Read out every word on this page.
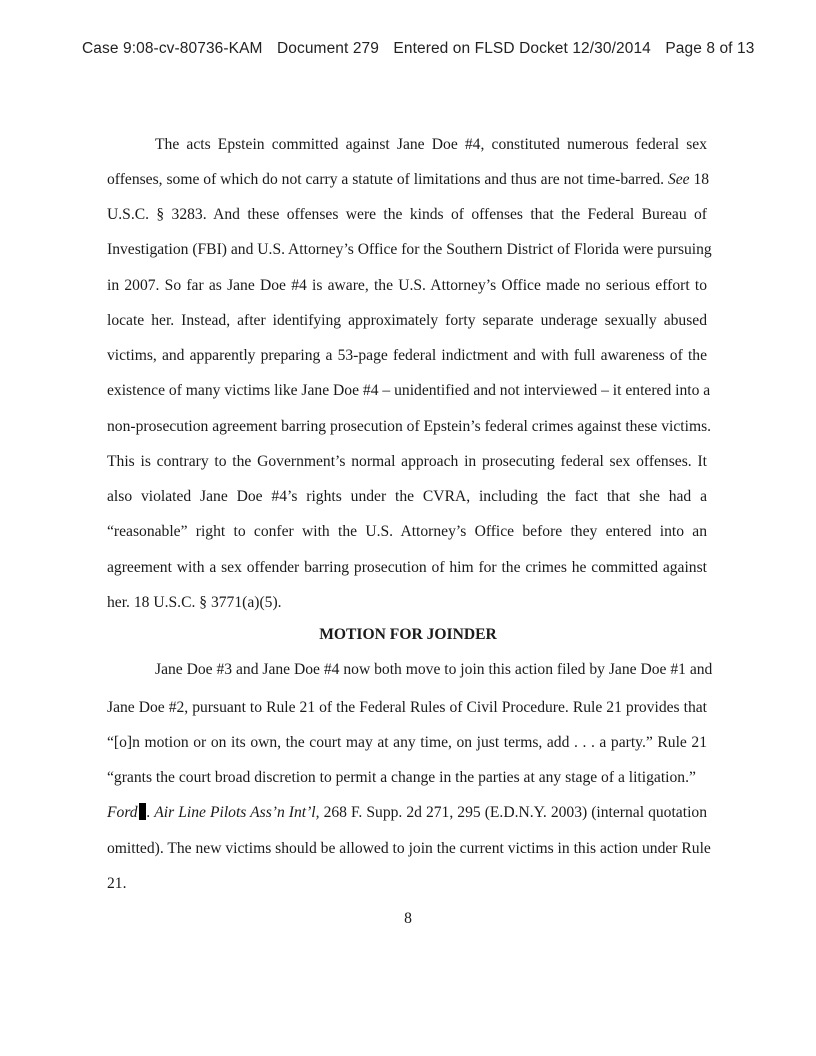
Case 9:08-cv-80736-KAM Document 279 Entered on FLSD Docket 12/30/2014 Page 8 of 13
The acts Epstein committed against Jane Doe #4, constituted numerous federal sex
offenses, some of which do not carry a statute of limitations and thus are not time-barred. See 18
U.S.C. § 3283. And these offenses were the kinds of offenses that the Federal Bureau of
Investigation (FBI) and U.S. Attorney’s Office for the Southern District of Florida were pursuing
in 2007. So far as Jane Doe #4 is aware, the U.S. Attorney’s Office made no serious effort to
locate her. Instead, after identifying approximately forty separate underage sexually abused
victims, and apparently preparing a 53-page federal indictment and with full awareness of the
existence of many victims like Jane Doe #4 – unidentified and not interviewed – it entered into a
non-prosecution agreement barring prosecution of Epstein’s federal crimes against these victims.
This is contrary to the Government’s normal approach in prosecuting federal sex offenses. It
also violated Jane Doe #4’s rights under the CVRA, including the fact that she had a
“reasonable” right to confer with the U.S. Attorney’s Office before they entered into an
agreement with a sex offender barring prosecution of him for the crimes he committed against
her. 18 U.S.C. § 3771(a)(5).
MOTION FOR JOINDER
Jane Doe #3 and Jane Doe #4 now both move to join this action filed by Jane Doe #1 and
Jane Doe #2, pursuant to Rule 21 of the Federal Rules of Civil Procedure. Rule 21 provides that
“[o]n motion or on its own, the court may at any time, on just terms, add . . . a party.” Rule 21
“grants the court broad discretion to permit a change in the parties at any stage of a litigation.”
Ford . Air Line Pilots Ass’n Int’l, 268 F. Supp. 2d 271, 295 (E.D.N.Y. 2003) (internal quotation
omitted). The new victims should be allowed to join the current victims in this action under Rule
21.
8
